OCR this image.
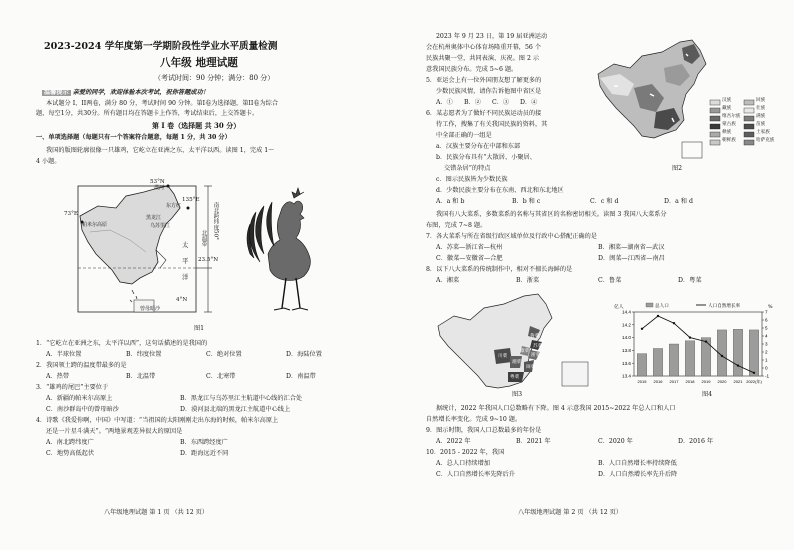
2023-2024 学年度第一学期阶段性学业水平质量检测
八年级 地理试题
（考试时间：90 分钟；满分：80 分）
温馨提示 亲爱的同学，欢迎体验本次考试，祝你答题成功！
本试题分 I、II两卷，满分 80 分，考试时间 90 分钟。第I卷为选择题，第II卷为综合
题，每空1分，共30分。所有题目均在答题卡上作答，考试结束后，上交答题卡。
第 I 卷（选择题 共 30 分）
一、单项选择题（每题只有一个答案符合题意，每题 1 分，共 30 分）
我国的版图轮廓很像一只雄鸡，它屹立在亚洲之东，太平洋以西。读图 1，完成 1～
4 小题。
53°N
73°E
135°E
23.5°N
4°N
帕米尔高原
漠河
曾母暗沙
东方红
黑龙江
乌苏里江	南北跨纬度50°
北温带
太
平
洋
图1
1．“它屹立在亚洲之东，太平洋以西”，这句话描述的是我国的
A．半球位置	B．纬度位置	C．绝对位置	D．海陆位置
2．我国领土跨的温度带最多的是
A．热带	B．北温带	C．北寒带	D．南温带
3．“雄鸡的尾巴”主要位于
A．新疆的帕米尔高原上	B．黑龙江与乌苏里江主航道中心线的汇合处
C．南沙群岛中的曾母暗沙	D．漠河县北端的黑龙江主航道中心线上
4．诗歌《我爱你啊，中国》中写道：“当祖国的太阳刚刚走出东海的时候，帕米尔高原上
还是一片星斗满天”。“两地景观差异很大的原因是
A．南北跨纬度广	B．东西跨经度广
C．地势高低起伏	D．距海远近不同
八年级地理试题 第 1 页 （共 12 页）
2023 年 9 月 23 日，第 19 届亚洲运动
会在杭州奥体中心体育场隆重开幕，56 个
民族共聚一堂，共同表演、庆祝。图 2 示
意我国民族分布。完成 5~6 题。
5．亚运会上有一位外国朋友想了解更多的
少数民族风情，请你告诉他图中省区是
A．① B．② C．③ D．④
6．某志愿者为了做好不同民族运动员的接
待工作，搜集了有关我国民族的资料，其
中全部正确的一组是
a．汉族主要分布在中部和东部
b．民族分布具有“大散居、小聚居、
交错杂居”的特点
c．图示民族皆为少数民族
d．少数民族主要分布在东南、西北和东北地区
A．a 和 b	B．b 和 c	C．c 和 d	D．a 和 d
汉族
藏族
维吾尔族
蒙古族
回族
壮族
满族
苗族
彝族	土家族
朝鲜族	哈萨克族
图2
我国有八大菜系，多数菜系的名称与其省区的名称密切相关。读图 3 我国八大菜系分
布图，完成 7~8 题。
7．各大菜系与所在省级行政区域单位及行政中心搭配正确的是
A．苏菜—浙江省—杭州	B．湘菜—湖南省—武汉
C．徽菜—安徽省—合肥	D．闽菜—江西省—南昌
8．以下八大菜系的传统制作中，相对不擅长海鲜的是
A．湘菜	B．浙菜	C．鲁菜	D．粤菜
鲁菜
苏菜
浙菜
徽菜
川菜
湘菜
闽菜
粤菜
图3
13.4
13.6
13.8
14.0
14.2
14.4
-1
0
1
2
3
4
5
6
7
亿人	%
2015 2016 2017 2018 2019 2020 2021 2022(年)
总人口	人口自然增长率
图4
据统计，2022 年我国人口总数略有下降。图 4 示意我国 2015~2022 年总人口和人口
自然增长率变化。完成 9~10 题。
9．图示时期，我国人口总数最多的年份是
A．2022 年	B．2021 年	C．2020 年	D．2016 年
10．2015 - 2022 年，我国
A．总人口持续增加	B．人口自然增长率持续降低
C．人口自然增长率先降后升	D．人口自然增长率先升后降
八年级地理试题 第 2 页 （共 12 页）
